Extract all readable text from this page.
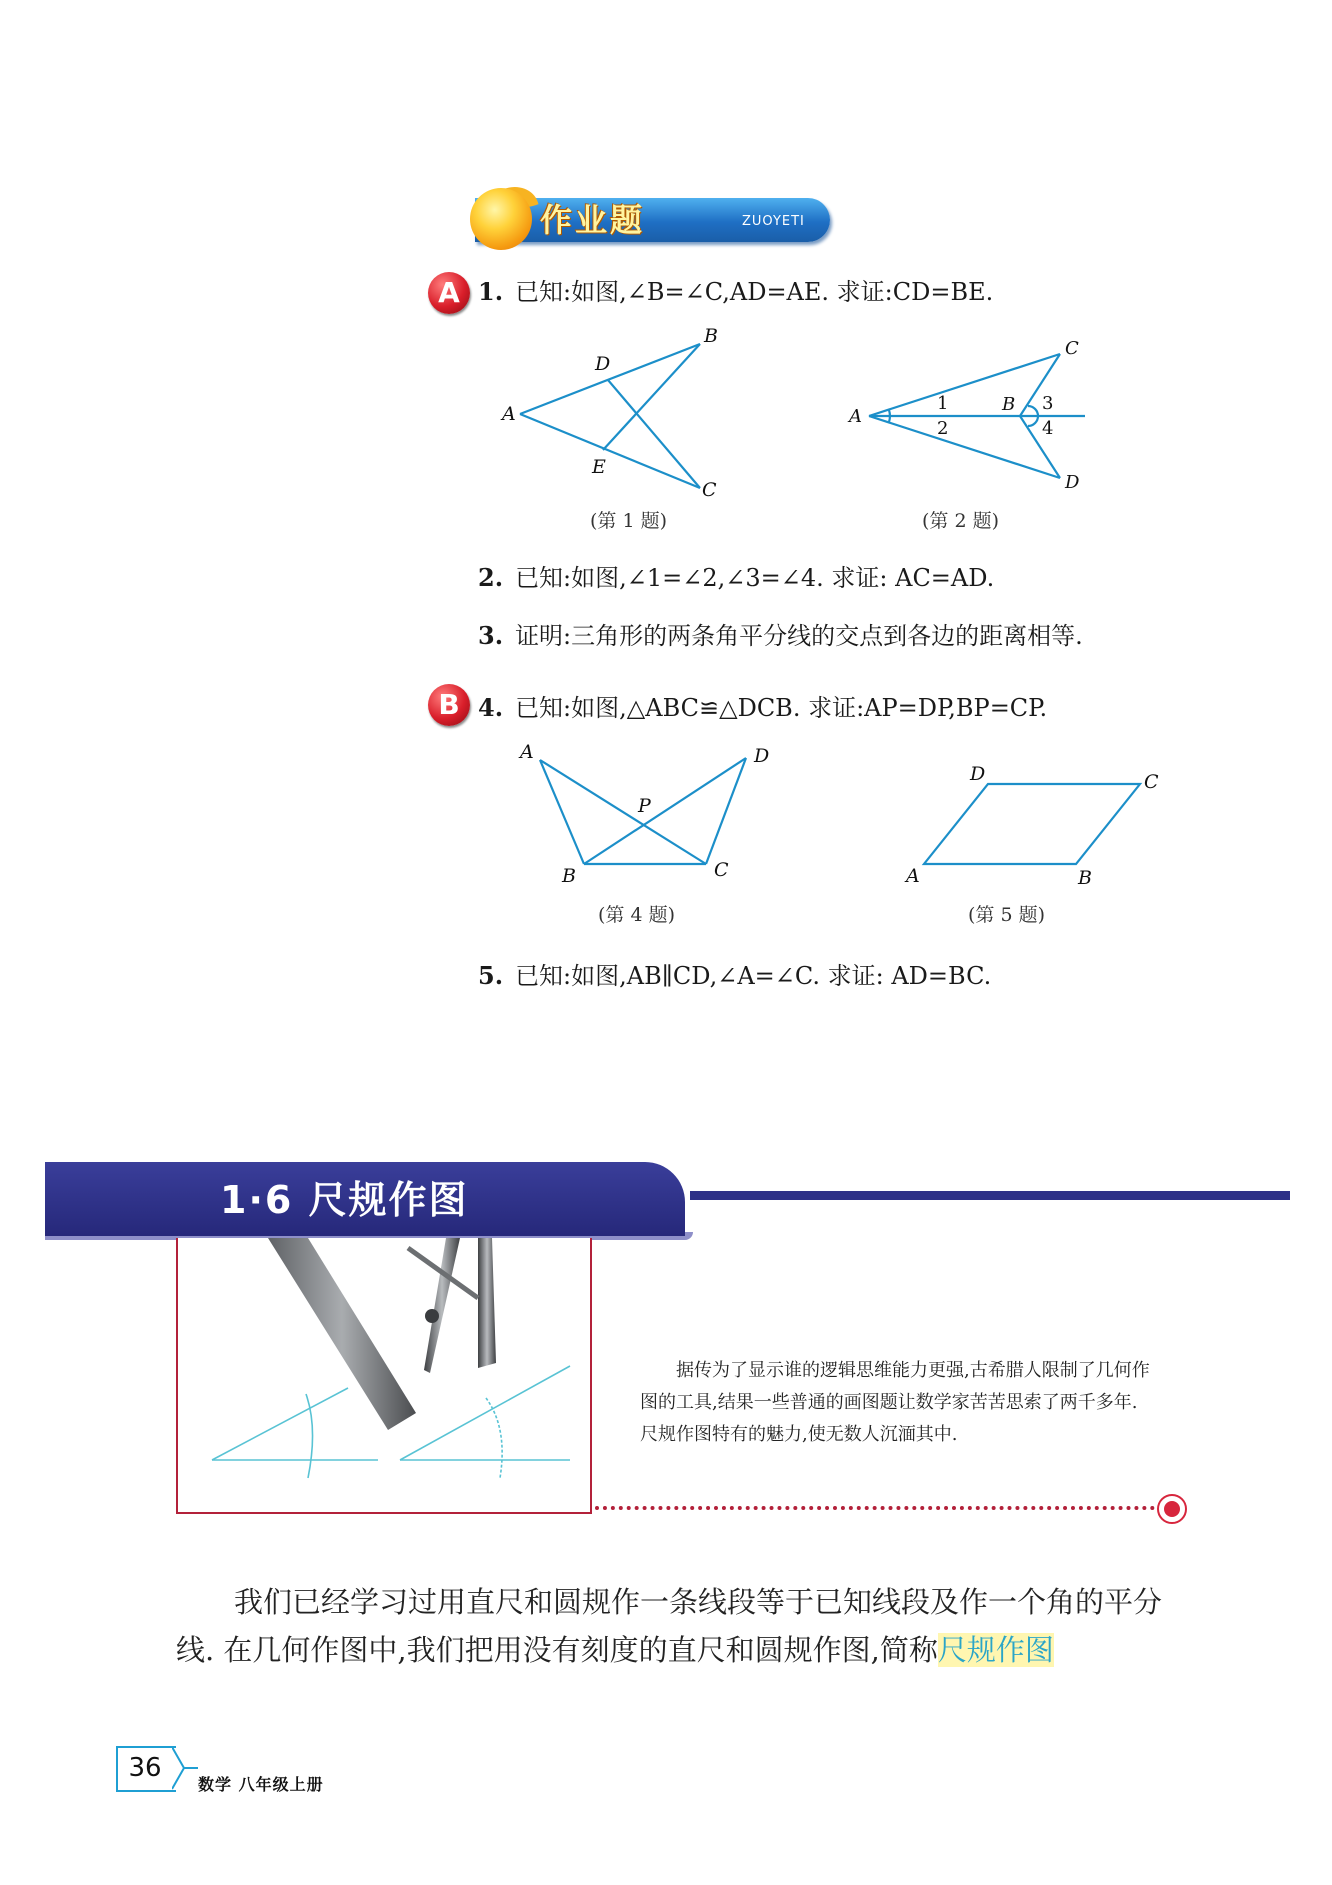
作业题	ZUOYETI
A 1. 已知:如图,∠B=∠C,AD=AE. 求证:CD=BE.
A
B
C
D
E
(第 1 题)
A
B
C
D
1
2
3
4
(第 2 题)
2. 已知:如图,∠1=∠2,∠3=∠4. 求证: AC=AD.
3. 证明:三角形的两条角平分线的交点到各边的距离相等.
B 4. 已知:如图,△ABC≌△DCB. 求证:AP=DP,BP=CP.
A
B	C
D
P
(第 4 题)
A	B
C
D
(第 5 题)
5. 已知:如图,AB∥CD,∠A=∠C. 求证: AD=BC.
1·6 尺规作图

据传为了显示谁的逻辑思维能力更强,古希腊人限制了几何作图的工具,结果一些普通的画图题让数学家苦苦思索了两千多年. 尺规作图特有的魅力,使无数人沉湎其中.

我们已经学习过用直尺和圆规作一条线段等于已知线段及作一个角的平分线. 在几何作图中,我们把用没有刻度的直尺和圆规作图,简称尺规作图

36
数学 八年级上册
